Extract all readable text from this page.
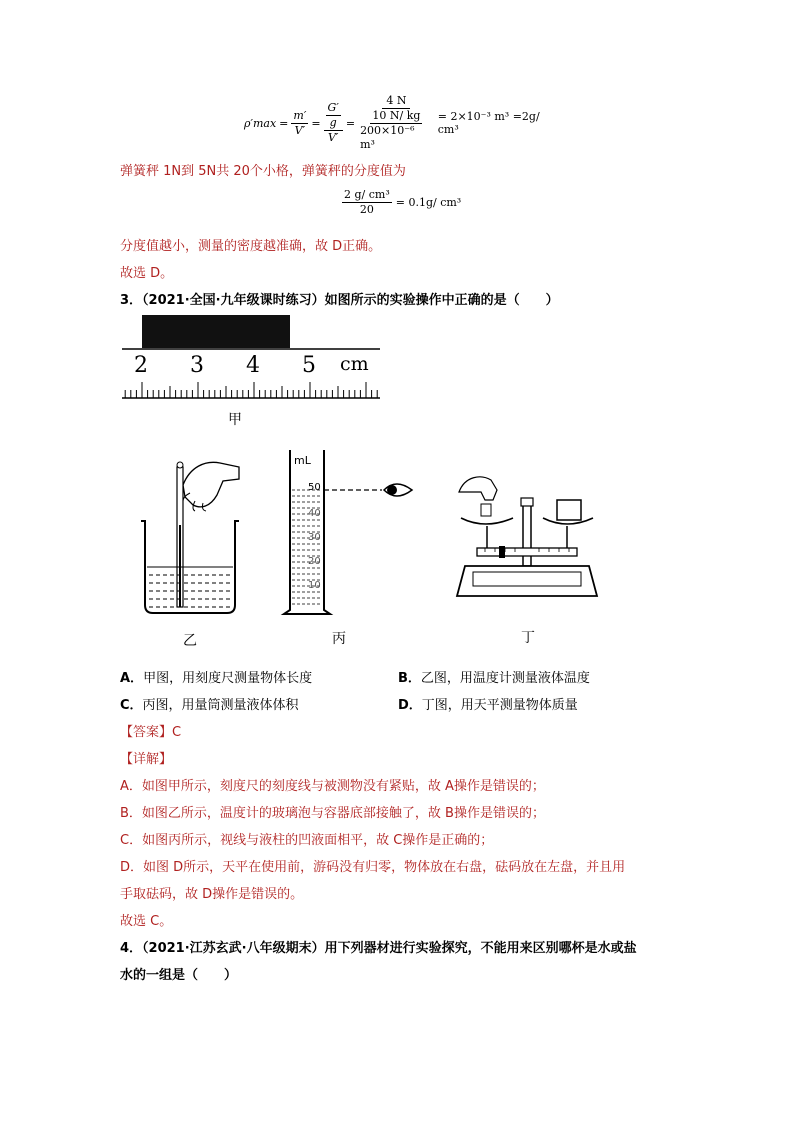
$\rho'\max = \frac{m'}{V'} = G'$
g
V′ = 4 N
10 N/ kg
200×10⁻⁶ m³ = 2×10⁻³ m³ =2g/ cm³
弹簧秤 1N到 5N共 20个小格，弹簧秤的分度值为
$\frac{\text{2 g/ cm³}}{20} = 0.1g/$ cm³
分度值越小，测量的密度越准确，故 D正确。
故选 D。
3．（2021·全国·九年级课时练习）如图所示的实验操作中正确的是（　　）
2 3 4 5 cm
甲
乙
mL
50
40
30
20
10
丙	丁
A．甲图，用刻度尺测量物体长度	B．乙图，用温度计测量液体温度
C．丙图，用量筒测量液体体积	D．丁图，用天平测量物体质量
【答案】C
【详解】
A．如图甲所示，刻度尺的刻度线与被测物没有紧贴，故 A操作是错误的；
B．如图乙所示，温度计的玻璃泡与容器底部接触了，故 B操作是错误的；
C．如图丙所示，视线与液柱的凹液面相平，故 C操作是正确的；
D．如图 D所示，天平在使用前，游码没有归零，物体放在右盘，砝码放在左盘，并且用
手取砝码，故 D操作是错误的。
故选 C。
4．（2021·江苏玄武·八年级期末）用下列器材进行实验探究，不能用来区别哪杯是水或盐
水的一组是（　　）
